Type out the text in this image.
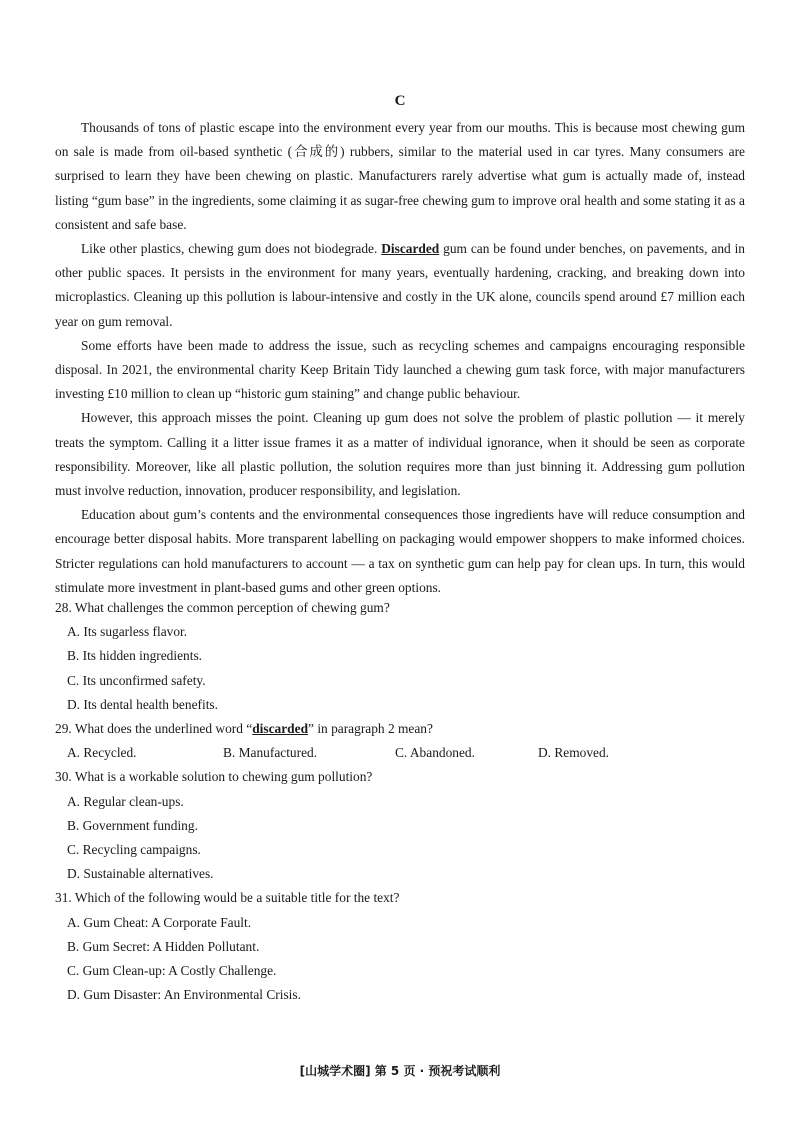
C

Thousands of tons of plastic escape into the environment every year from our mouths. This is because most chewing gum on sale is made from oil-based synthetic (合成的) rubbers, similar to the material used in car tyres. Many consumers are surprised to learn they have been chewing on plastic. Manufacturers rarely advertise what gum is actually made of, instead listing “gum base” in the ingredients, some claiming it as sugar-free chewing gum to improve oral health and some stating it as a consistent and safe base.

Like other plastics, chewing gum does not biodegrade. Discarded gum can be found under benches, on pavements, and in other public spaces. It persists in the environment for many years, eventually hardening, cracking, and breaking down into microplastics. Cleaning up this pollution is labour-intensive and costly in the UK alone, councils spend around £7 million each year on gum removal.

Some efforts have been made to address the issue, such as recycling schemes and campaigns encouraging responsible disposal. In 2021, the environmental charity Keep Britain Tidy launched a chewing gum task force, with major manufacturers investing £10 million to clean up “historic gum staining” and change public behaviour.

However, this approach misses the point. Cleaning up gum does not solve the problem of plastic pollution — it merely treats the symptom. Calling it a litter issue frames it as a matter of individual ignorance, when it should be seen as corporate responsibility. Moreover, like all plastic pollution, the solution requires more than just binning it. Addressing gum pollution must involve reduction, innovation, producer responsibility, and legislation.

Education about gum’s contents and the environmental consequences those ingredients have will reduce consumption and encourage better disposal habits. More transparent labelling on packaging would empower shoppers to make informed choices. Stricter regulations can hold manufacturers to account — a tax on synthetic gum can help pay for clean ups. In turn, this would stimulate more investment in plant-based gums and other green options.

28. What challenges the common perception of chewing gum?

A. Its sugarless flavor.

B. Its hidden ingredients.

C. Its unconfirmed safety.

D. Its dental health benefits.

29. What does the underlined word “discarded” in paragraph 2 mean?

A. Recycled.	B. Manufactured.	C. Abandoned.	D. Removed.

30. What is a workable solution to chewing gum pollution?

A. Regular clean-ups.

B. Government funding.

C. Recycling campaigns.

D. Sustainable alternatives.

31. Which of the following would be a suitable title for the text?

A. Gum Cheat: A Corporate Fault.

B. Gum Secret: A Hidden Pollutant.

C. Gum Clean-up: A Costly Challenge.

D. Gum Disaster: An Environmental Crisis.

[山城学术圈] 第 5 页 · 预祝考试顺利
